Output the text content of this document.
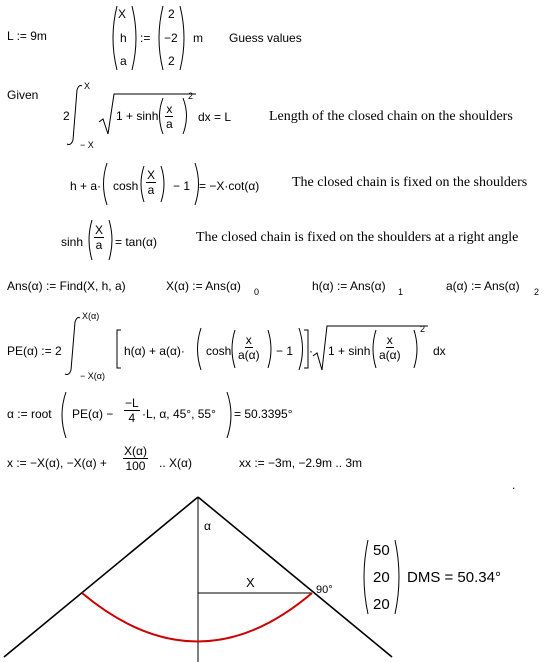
L := 9m
X
h
a
:=
2
−2
2
m Guess values
Given
2
X
− X
$1 + \sinh \frac{x}{a}$
2
dx = L	Length of the closed chain on the shoulders
$h + a\cdot \cosh \frac{X}{a} - 1 = -X\cdot\cot(\alpha)$ The closed chain is fixed on the shoulders
$\sinh \frac{X}{a} = \tan(\alpha)$	The closed chain is fixed on the shoulders at a right angle
Ans(α) := Find(X, h, a)	X(α) := Ans(α) 0	h(α) := Ans(α) 1	a(α) := Ans(α) 2
PE(α) := 2
X(α)
− X(α)
$h(\alpha) + a(\alpha)\cdot \cosh \frac{x}{a(\alpha)} - 1 \cdot 1 + \sinh \frac{x}{a(\alpha)}$
2
dx
α := root $PE(\alpha) - \frac{-L}{4} \cdot L$, α, 45°, 55° = 50.3395°
x := −X(α), $-X(\alpha) + \frac{X(\alpha)}{100}$ .. X(α)	xx := −3m, −2.9m .. 3m
α
X	90°
.
50
20
20
DMS = 50.34°
